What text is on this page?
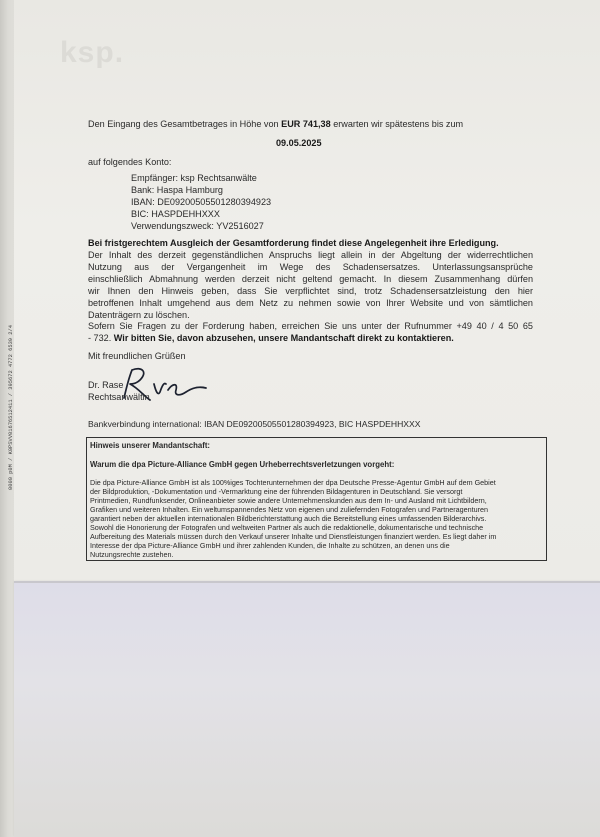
ksp.
0000 p0M / K0PSVV01676512411 / 395672 4772 6539 2/4
Den Eingang des Gesamtbetrages in Höhe von EUR 741,38 erwarten wir spätestens bis zum
09.05.2025
auf folgendes Konto:
Empfänger: ksp Rechtsanwälte
Bank: Haspa Hamburg
IBAN: DE09200505501280394923
BIC: HASPDEHHXXX
Verwendungszweck: YV2516027
Bei fristgerechtem Ausgleich der Gesamtforderung findet diese Angelegenheit ihre Erledigung.
Der Inhalt des derzeit gegenständlichen Anspruchs liegt allein in der Abgeltung der widerrechtlichen
Nutzung aus der Vergangenheit im Wege des Schadensersatzes. Unterlassungsansprüche
einschließlich Abmahnung werden derzeit nicht geltend gemacht. In diesem Zusammenhang dürfen
wir Ihnen den Hinweis geben, dass Sie verpflichtet sind, trotz Schadensersatzleistung den hier
betroffenen Inhalt umgehend aus dem Netz zu nehmen sowie von Ihrer Website und von sämtlichen
Datenträgern zu löschen.
Sofern Sie Fragen zu der Forderung haben, erreichen Sie uns unter der Rufnummer +49 40 / 4 50 65
- 732. Wir bitten Sie, davon abzusehen, unsere Mandantschaft direkt zu kontaktieren.
Mit freundlichen Grüßen
Dr. Rase
Rechtsanwältin
Bankverbindung international: IBAN DE09200505501280394923, BIC HASPDEHHXXX
Hinweis unserer Mandantschaft:
Warum die dpa Picture-Alliance GmbH gegen Urheberrechtsverletzungen vorgeht:
Die dpa Picture-Alliance GmbH ist als 100%iges Tochterunternehmen der dpa Deutsche Presse-Agentur GmbH auf dem Gebiet
der Bildproduktion, -Dokumentation und -Vermarktung eine der führenden Bildagenturen in Deutschland. Sie versorgt
Printmedien, Rundfunksender, Onlineanbieter sowie andere Unternehmenskunden aus dem In- und Ausland mit Lichtbildern,
Grafiken und weiteren Inhalten. Ein weltumspannendes Netz von eigenen und zuliefernden Fotografen und Partneragenturen
garantiert neben der aktuellen internationalen Bildberichterstattung auch die Bereitstellung eines umfassenden Bilderarchivs.
Sowohl die Honorierung der Fotografen und weltweiten Partner als auch die redaktionelle, dokumentarische und technische
Aufbereitung des Materials müssen durch den Verkauf unserer Inhalte und Dienstleistungen finanziert werden. Es liegt daher im
Interesse der dpa Picture-Alliance GmbH und ihrer zahlenden Kunden, die Inhalte zu schützen, an denen uns die
Nutzungsrechte zustehen.
